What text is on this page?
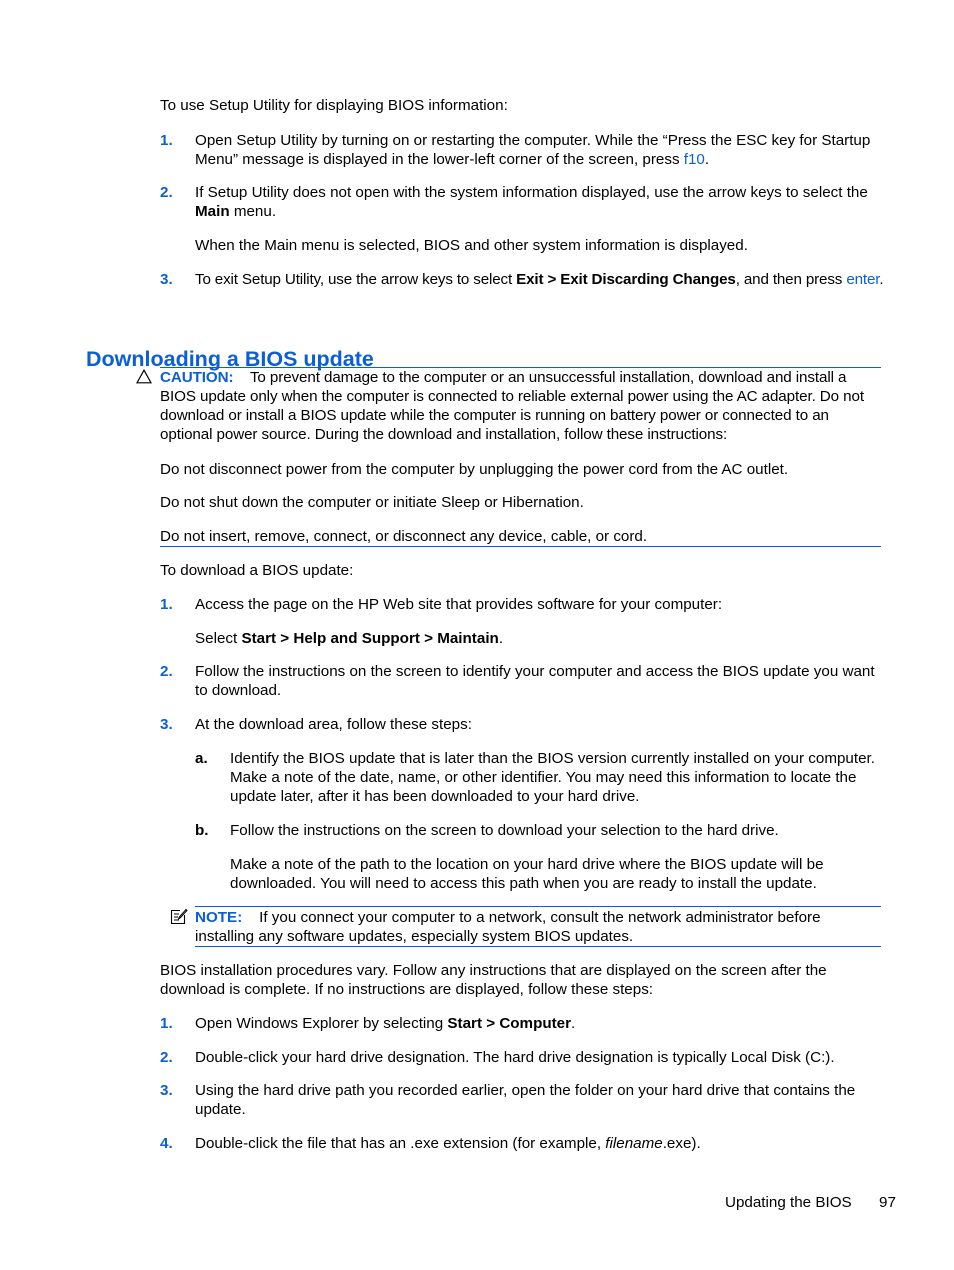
To use Setup Utility for displaying BIOS information:

1. Open Setup Utility by turning on or restarting the computer. While the “Press the ESC key for Startup Menu” message is displayed in the lower-left corner of the screen, press f10.

2. If Setup Utility does not open with the system information displayed, use the arrow keys to select the Main menu.

When the Main menu is selected, BIOS and other system information is displayed.

3. To exit Setup Utility, use the arrow keys to select Exit > Exit Discarding Changes, and then press enter.

Downloading a BIOS update

CAUTION: To prevent damage to the computer or an unsuccessful installation, download and install a BIOS update only when the computer is connected to reliable external power using the AC adapter. Do not download or install a BIOS update while the computer is running on battery power or connected to an optional power source. During the download and installation, follow these instructions:

Do not disconnect power from the computer by unplugging the power cord from the AC outlet.

Do not shut down the computer or initiate Sleep or Hibernation.

Do not insert, remove, connect, or disconnect any device, cable, or cord.

To download a BIOS update:

1. Access the page on the HP Web site that provides software for your computer:

Select Start > Help and Support > Maintain.

2. Follow the instructions on the screen to identify your computer and access the BIOS update you want to download.

3. At the download area, follow these steps:

a. Identify the BIOS update that is later than the BIOS version currently installed on your computer. Make a note of the date, name, or other identifier. You may need this information to locate the update later, after it has been downloaded to your hard drive.

b. Follow the instructions on the screen to download your selection to the hard drive.

Make a note of the path to the location on your hard drive where the BIOS update will be downloaded. You will need to access this path when you are ready to install the update.

NOTE: If you connect your computer to a network, consult the network administrator before installing any software updates, especially system BIOS updates.

BIOS installation procedures vary. Follow any instructions that are displayed on the screen after the download is complete. If no instructions are displayed, follow these steps:

1. Open Windows Explorer by selecting Start > Computer.

2. Double-click your hard drive designation. The hard drive designation is typically Local Disk (C:).

3. Using the hard drive path you recorded earlier, open the folder on your hard drive that contains the update.

4. Double-click the file that has an .exe extension (for example, filename.exe).

Updating the BIOS 97
